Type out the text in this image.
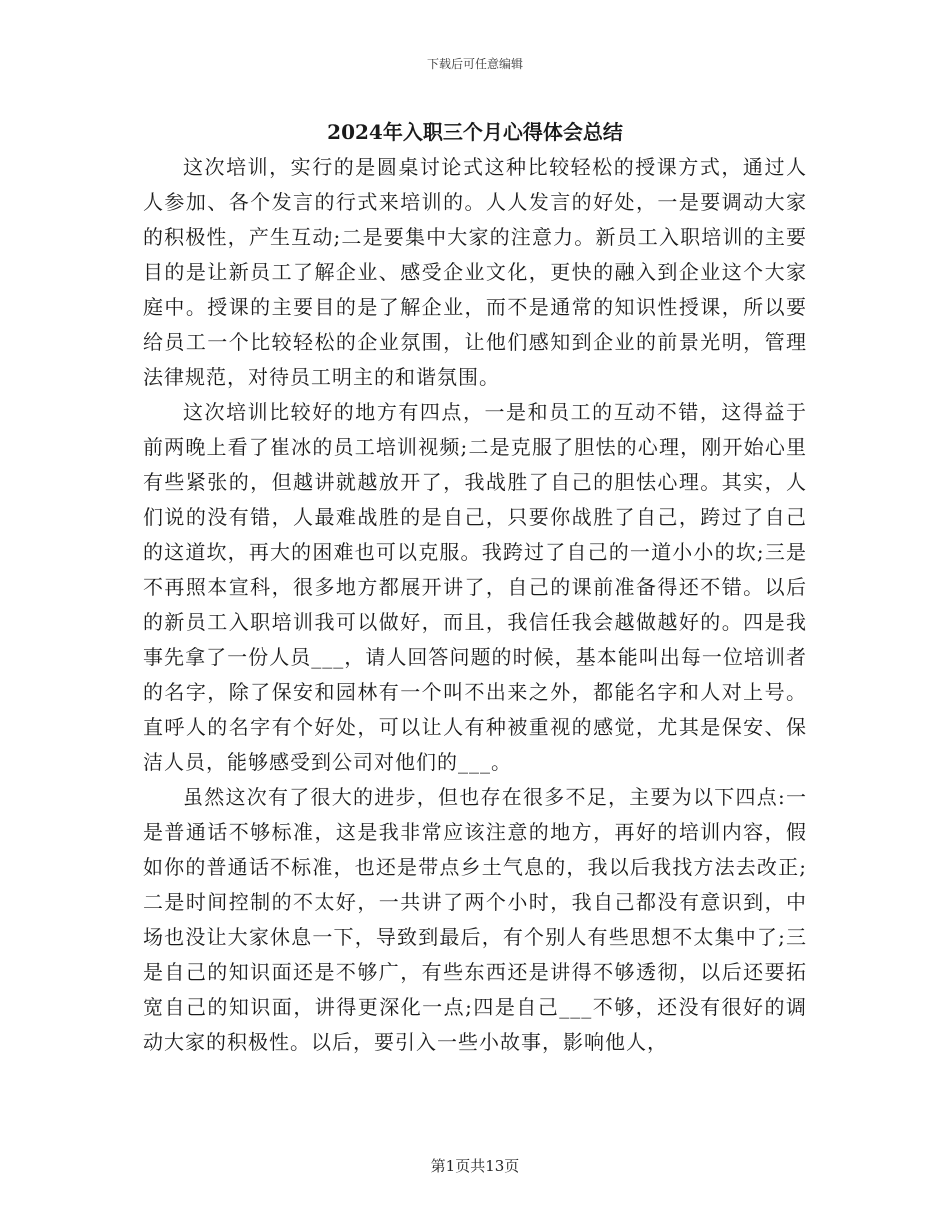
下载后可任意编辑
2024年入职三个月心得体会总结

这次培训，实行的是圆桌讨论式这种比较轻松的授课方式，通过人人参加、各个发言的行式来培训的。人人发言的好处，一是要调动大家的积极性，产生互动;二是要集中大家的注意力。新员工入职培训的主要目的是让新员工了解企业、感受企业文化，更快的融入到企业这个大家庭中。授课的主要目的是了解企业，而不是通常的知识性授课，所以要给员工一个比较轻松的企业氛围，让他们感知到企业的前景光明，管理法律规范，对待员工明主的和谐氛围。

这次培训比较好的地方有四点，一是和员工的互动不错，这得益于前两晚上看了崔冰的员工培训视频;二是克服了胆怯的心理，刚开始心里有些紧张的，但越讲就越放开了，我战胜了自己的胆怯心理。其实，人们说的没有错，人最难战胜的是自己，只要你战胜了自己，跨过了自己的这道坎，再大的困难也可以克服。我跨过了自己的一道小小的坎;三是不再照本宣科，很多地方都展开讲了，自己的课前准备得还不错。以后的新员工入职培训我可以做好，而且，我信任我会越做越好的。四是我事先拿了一份人员___，请人回答问题的时候，基本能叫出每一位培训者的名字，除了保安和园林有一个叫不出来之外，都能名字和人对上号。直呼人的名字有个好处，可以让人有种被重视的感觉，尤其是保安、保洁人员，能够感受到公司对他们的___。

虽然这次有了很大的进步，但也存在很多不足，主要为以下四点:一是普通话不够标准，这是我非常应该注意的地方，再好的培训内容，假如你的普通话不标准，也还是带点乡土气息的，我以后我找方法去改正;二是时间控制的不太好，一共讲了两个小时，我自己都没有意识到，中场也没让大家休息一下，导致到最后，有个别人有些思想不太集中了;三是自己的知识面还是不够广，有些东西还是讲得不够透彻，以后还要拓宽自己的知识面，讲得更深化一点;四是自己___不够，还没有很好的调动大家的积极性。以后，要引入一些小故事，影响他人，

第1页共13页
